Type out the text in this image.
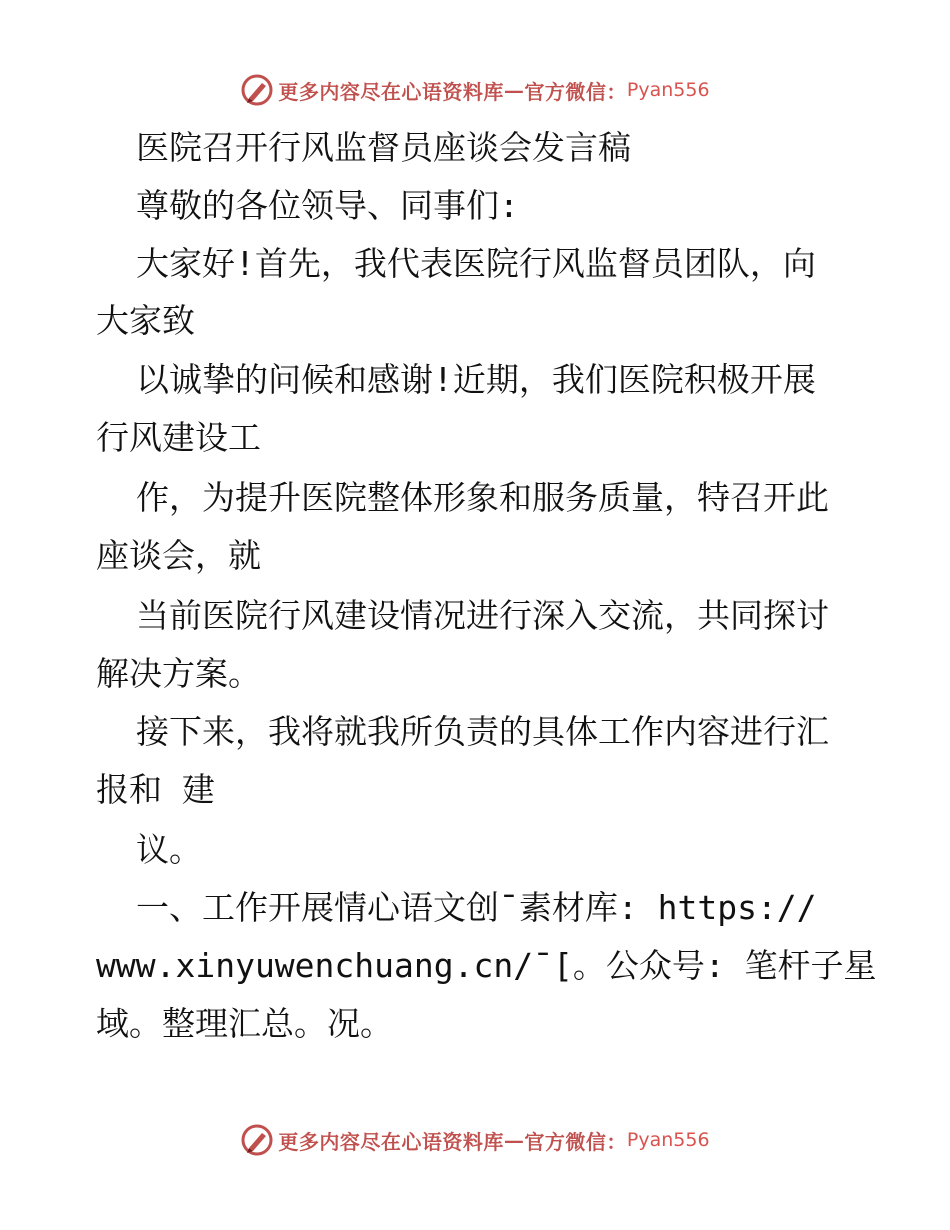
更多内容尽在心语资料库 — 官方微信： Pyan556
医院召开行风监督员座谈会发言稿
尊敬的各位领导、同事们:
大家好!首先，我代表医院行风监督员团队，向
大家致
以诚挚的问候和感谢!近期，我们医院积极开展
行风建设工
作，为提升医院整体形象和服务质量，特召开此
座谈会，就
当前医院行风建设情况进行深入交流，共同探讨
解决方案。
接下来，我将就我所负责的具体工作内容进行汇
报和 建
议。
一、工作开展情心语文创¯素材库: https://
www.xinyuwenchuang.cn/¯[。公众号: 笔杆子星
域。整理汇总。况。
更多内容尽在心语资料库 — 官方微信： Pyan556
